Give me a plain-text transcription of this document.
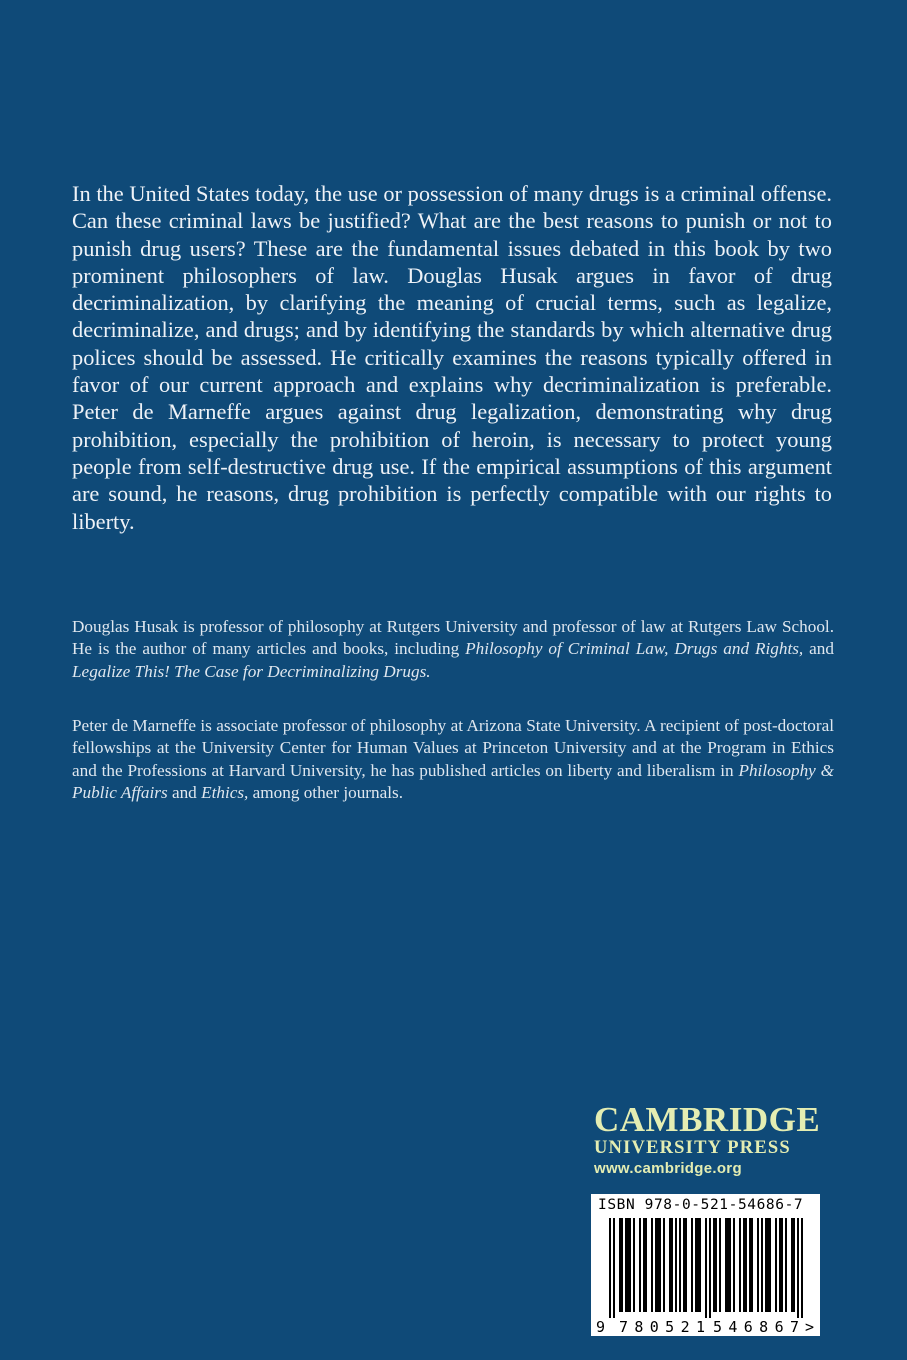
In the United States today, the use or possession of many drugs is a criminal offense. Can these criminal laws be justified? What are the best reasons to punish or not to punish drug users? These are the fundamental issues debated in this book by two prominent philosophers of law. Douglas Husak argues in favor of drug decriminalization, by clarifying the meaning of crucial terms, such as legalize, decriminalize, and drugs; and by identifying the standards by which alternative drug polices should be assessed. He critically examines the reasons typically offered in favor of our current approach and explains why decriminalization is preferable. Peter de Marneffe argues against drug legalization, demonstrating why drug prohibition, especially the prohibition of heroin, is necessary to protect young people from self-destructive drug use. If the empirical assumptions of this argument are sound, he reasons, drug prohibition is perfectly compatible with our rights to liberty.

Douglas Husak is professor of philosophy at Rutgers University and professor of law at Rutgers Law School. He is the author of many articles and books, including Philosophy of Criminal Law, Drugs and Rights, and Legalize This! The Case for Decriminalizing Drugs.

Peter de Marneffe is associate professor of philosophy at Arizona State University. A recipient of post-doctoral fellowships at the University Center for Human Values at Princeton University and at the Program in Ethics and the Professions at Harvard University, he has published articles on liberty and liberalism in Philosophy & Public Affairs and Ethics, among other journals.

CAMBRIDGE
UNIVERSITY PRESS
www.cambridge.org
ISBN 978-0-521-54686-7
9 780521 546867 >
